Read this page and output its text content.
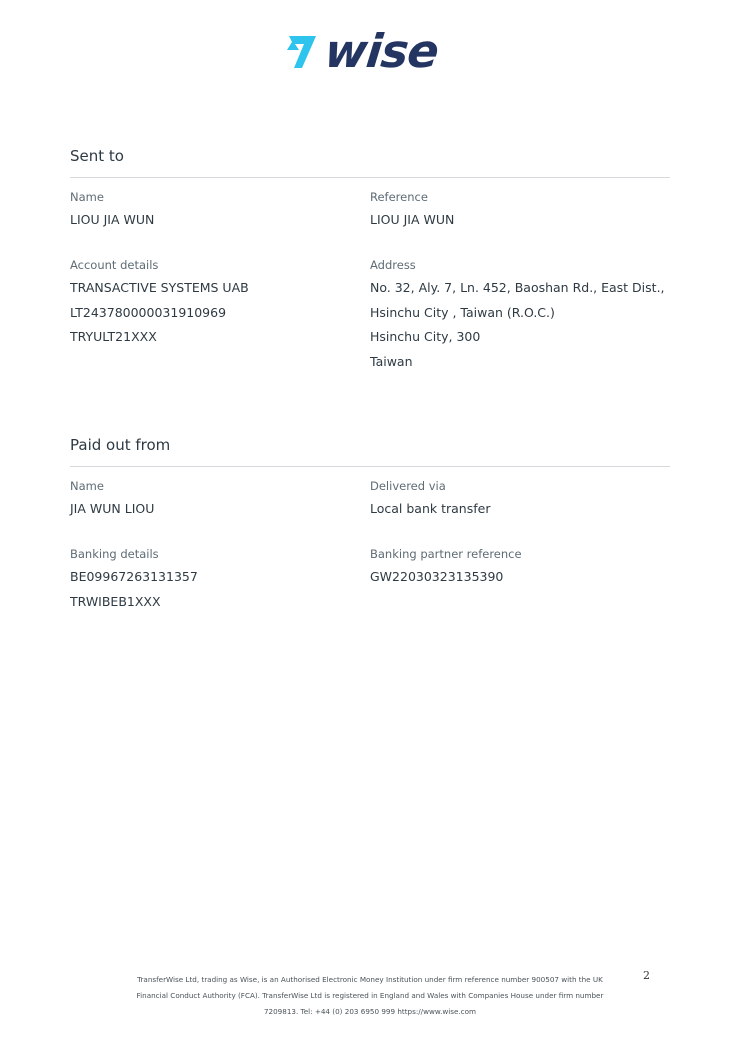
wise
Sent to
Name
LIOU JIA WUN
Reference
LIOU JIA WUN
Account details
TRANSACTIVE SYSTEMS UAB
LT243780000031910969
TRYULT21XXX
Address
No. 32, Aly. 7, Ln. 452, Baoshan Rd., East Dist.,
Hsinchu City , Taiwan (R.O.C.)
Hsinchu City, 300
Taiwan
Paid out from
Name
JIA WUN LIOU
Delivered via
Local bank transfer
Banking details
BE09967263131357
TRWIBEB1XXX
Banking partner reference
GW22030323135390
TransferWise Ltd, trading as Wise, is an Authorised Electronic Money Institution under firm reference number 900507 with the UK
Financial Conduct Authority (FCA). TransferWise Ltd is registered in England and Wales with Companies House under firm number
7209813. Tel: +44 (0) 203 6950 999 https://www.wise.com
2
